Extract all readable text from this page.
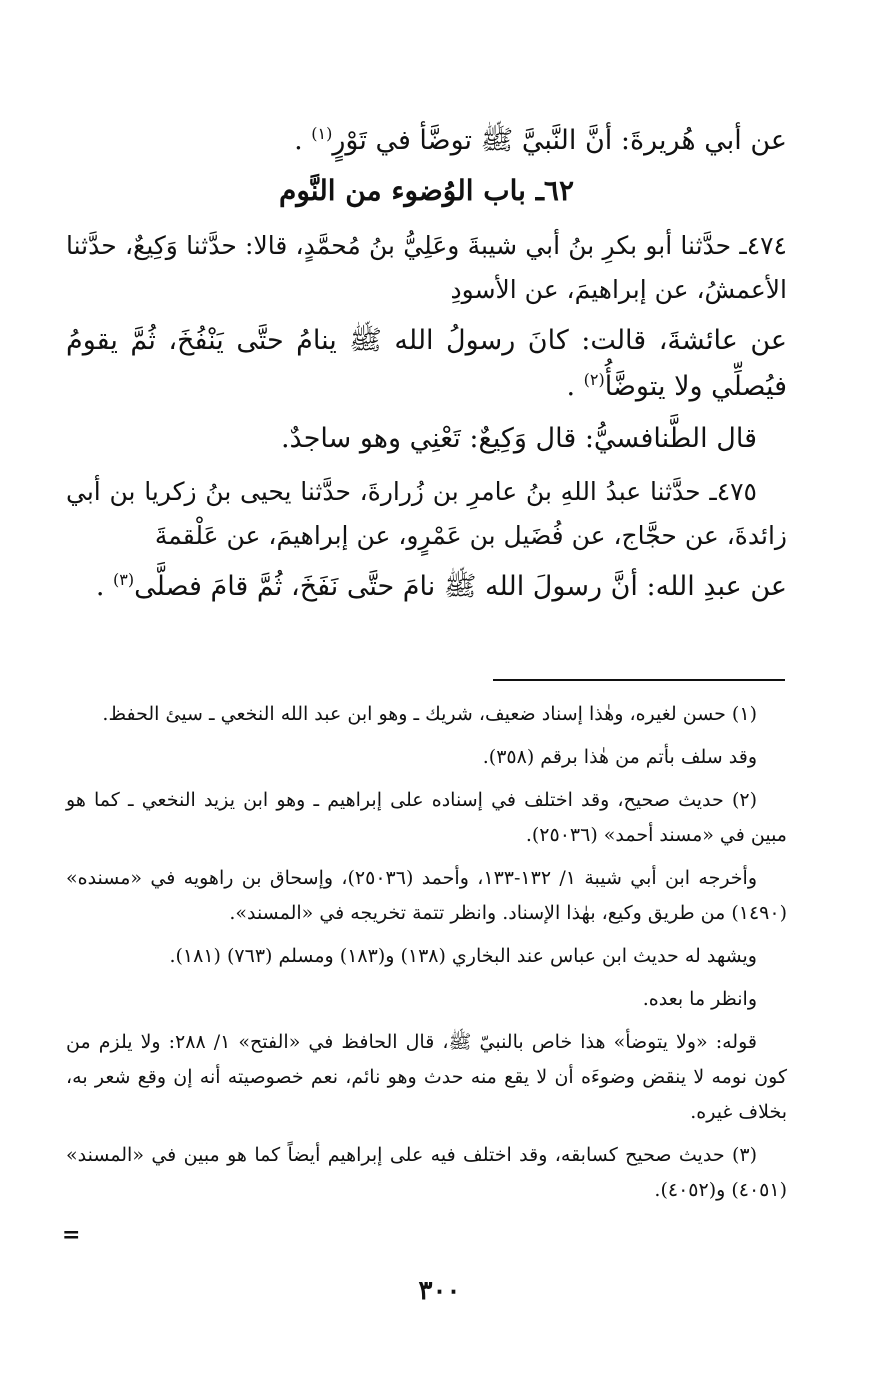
عن أبي هُريرةَ: أنَّ النَّبيَّ ﷺ توضَّأ في تَوْرٍ$^{(١)}$ .

٦٢ـ باب الوُضوء من النَّوم

٤٧٤ـ حدَّثنا أبو بكرِ بنُ أبي شيبةَ وعَلِيُّ بنُ مُحمَّدٍ، قالا: حدَّثنا وَكِيعٌ، حدَّثنا الأعمشُ، عن إبراهيمَ، عن الأسودِ

عن عائشةَ، قالت: كانَ رسولُ الله ﷺ ينامُ حتَّى يَنْفُخَ، ثُمَّ يقومُ فيُصلِّي ولا يتوضَّأُ$^{(٢)}$ .

قال الطَّنافسيُّ: قال وَكِيعٌ: تَعْنِي وهو ساجدٌ.

٤٧٥ـ حدَّثنا عبدُ اللهِ بنُ عامرِ بن زُرارةَ، حدَّثنا يحيى بنُ زكريا بن أبي زائدةَ، عن حجَّاج، عن فُضَيل بن عَمْرٍو، عن إبراهيمَ، عن عَلْقمةَ

عن عبدِ الله: أنَّ رسولَ الله ﷺ نامَ حتَّى نَفَخَ، ثُمَّ قامَ فصلَّى$^{(٣)}$ .

(١) حسن لغيره، وهٰذا إسناد ضعيف، شريك ـ وهو ابن عبد الله النخعي ـ سيئ الحفظ.

وقد سلف بأتم من هٰذا برقم (٣٥٨).

(٢) حديث صحيح، وقد اختلف في إسناده على إبراهيم ـ وهو ابن يزيد النخعي ـ كما هو مبين في «مسند أحمد» (٢٥٠٣٦).

وأخرجه ابن أبي شيبة ١/ ١٣٢-١٣٣، وأحمد (٢٥٠٣٦)، وإسحاق بن راهويه في «مسنده» (١٤٩٠) من طريق وكيع، بهٰذا الإسناد. وانظر تتمة تخريجه في «المسند».

ويشهد له حديث ابن عباس عند البخاري (١٣٨) و(١٨٣) ومسلم (٧٦٣) (١٨١).

وانظر ما بعده.

قوله: «ولا يتوضأ» هذا خاص بالنبيّ ﷺ، قال الحافظ في «الفتح» ١/ ٢٨٨: ولا يلزم من كون نومه لا ينقض وضوءَه أن لا يقع منه حدث وهو نائم، نعم خصوصيته أنه إن وقع شعر به، بخلاف غيره.

(٣) حديث صحيح كسابقه، وقد اختلف فيه على إبراهيم أيضاً كما هو مبين في «المسند» (٤٠٥١) و(٤٠٥٢).

=
٣٠٠
